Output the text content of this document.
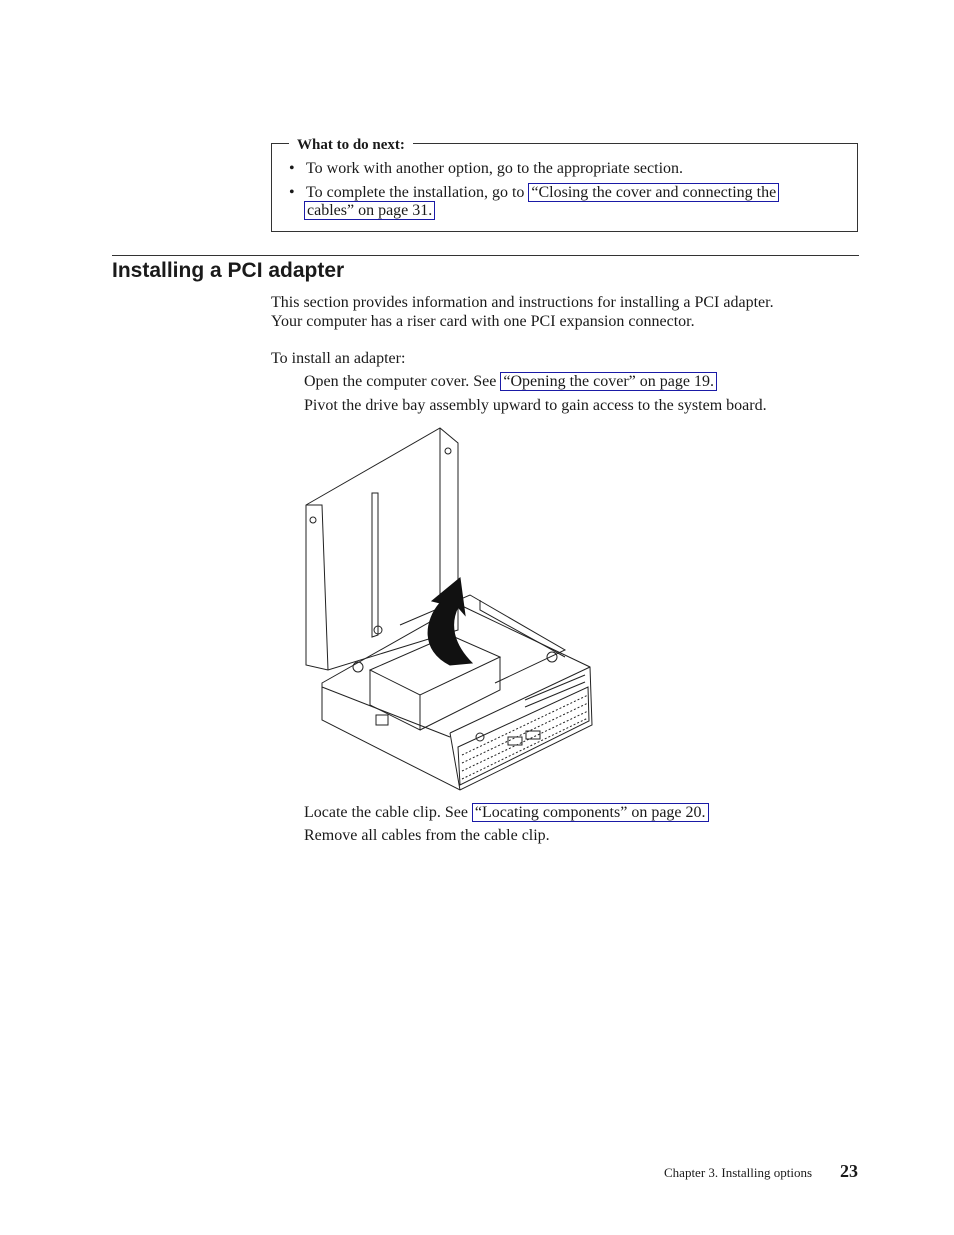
What to do next:
• To work with another option, go to the appropriate section.
• To complete the installation, go to “Closing the cover and connecting the
cables” on page 31.
Installing a PCI adapter
This section provides information and instructions for installing a PCI adapter.
Your computer has a riser card with one PCI expansion connector.
To install an adapter:
Open the computer cover. See “Opening the cover” on page 19.
Pivot the drive bay assembly upward to gain access to the system board.
Locate the cable clip. See “Locating components” on page 20.
Remove all cables from the cable clip.
Chapter 3. Installing options 23
